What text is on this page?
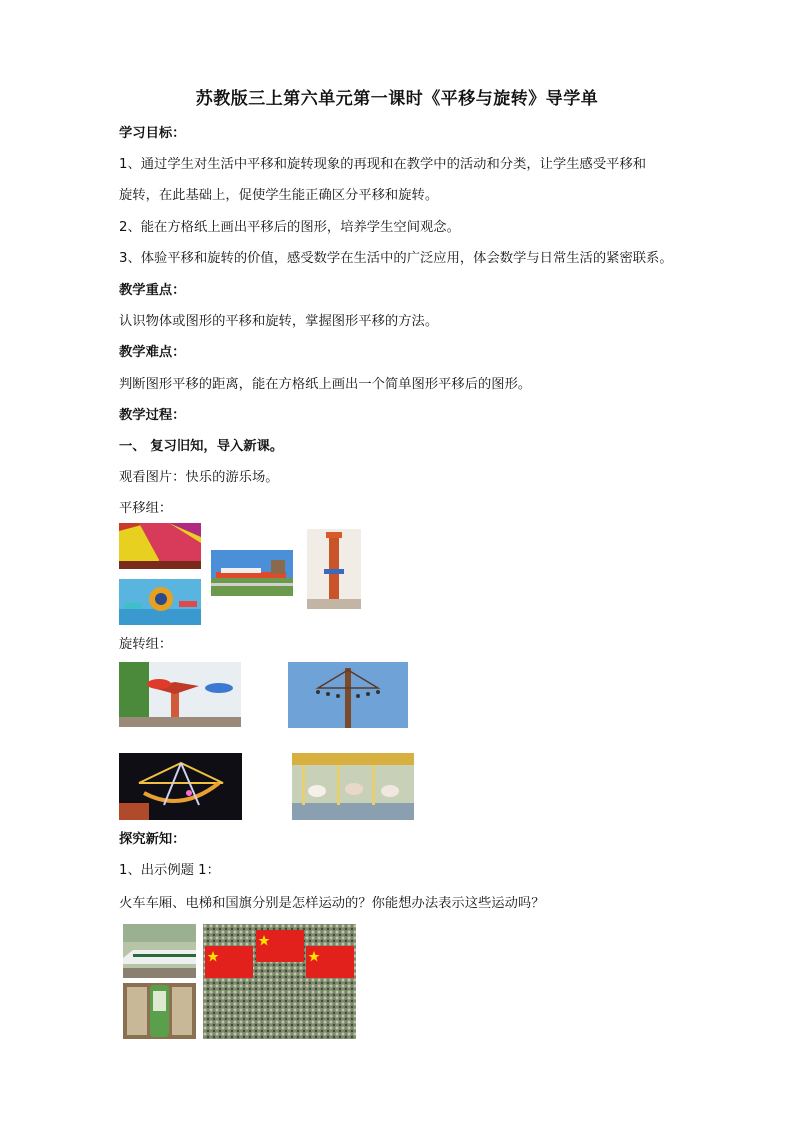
苏教版三上第六单元第一课时《平移与旋转》导学单
学习目标：
1、通过学生对生活中平移和旋转现象的再现和在教学中的活动和分类，让学生感受平移和
旋转，在此基础上，促使学生能正确区分平移和旋转。
2、能在方格纸上画出平移后的图形，培养学生空间观念。
3、体验平移和旋转的价值，感受数学在生活中的广泛应用，体会数学与日常生活的紧密联系。
教学重点：
认识物体或图形的平移和旋转，掌握图形平移的方法。
教学难点：
判断图形平移的距离，能在方格纸上画出一个简单图形平移后的图形。
教学过程：
一、 复习旧知，导入新课。
观看图片：快乐的游乐场。
平移组：
旋转组：
探究新知：
1、出示例题 1：
火车车厢、电梯和国旗分别是怎样运动的？你能想办法表示这些运动吗？
